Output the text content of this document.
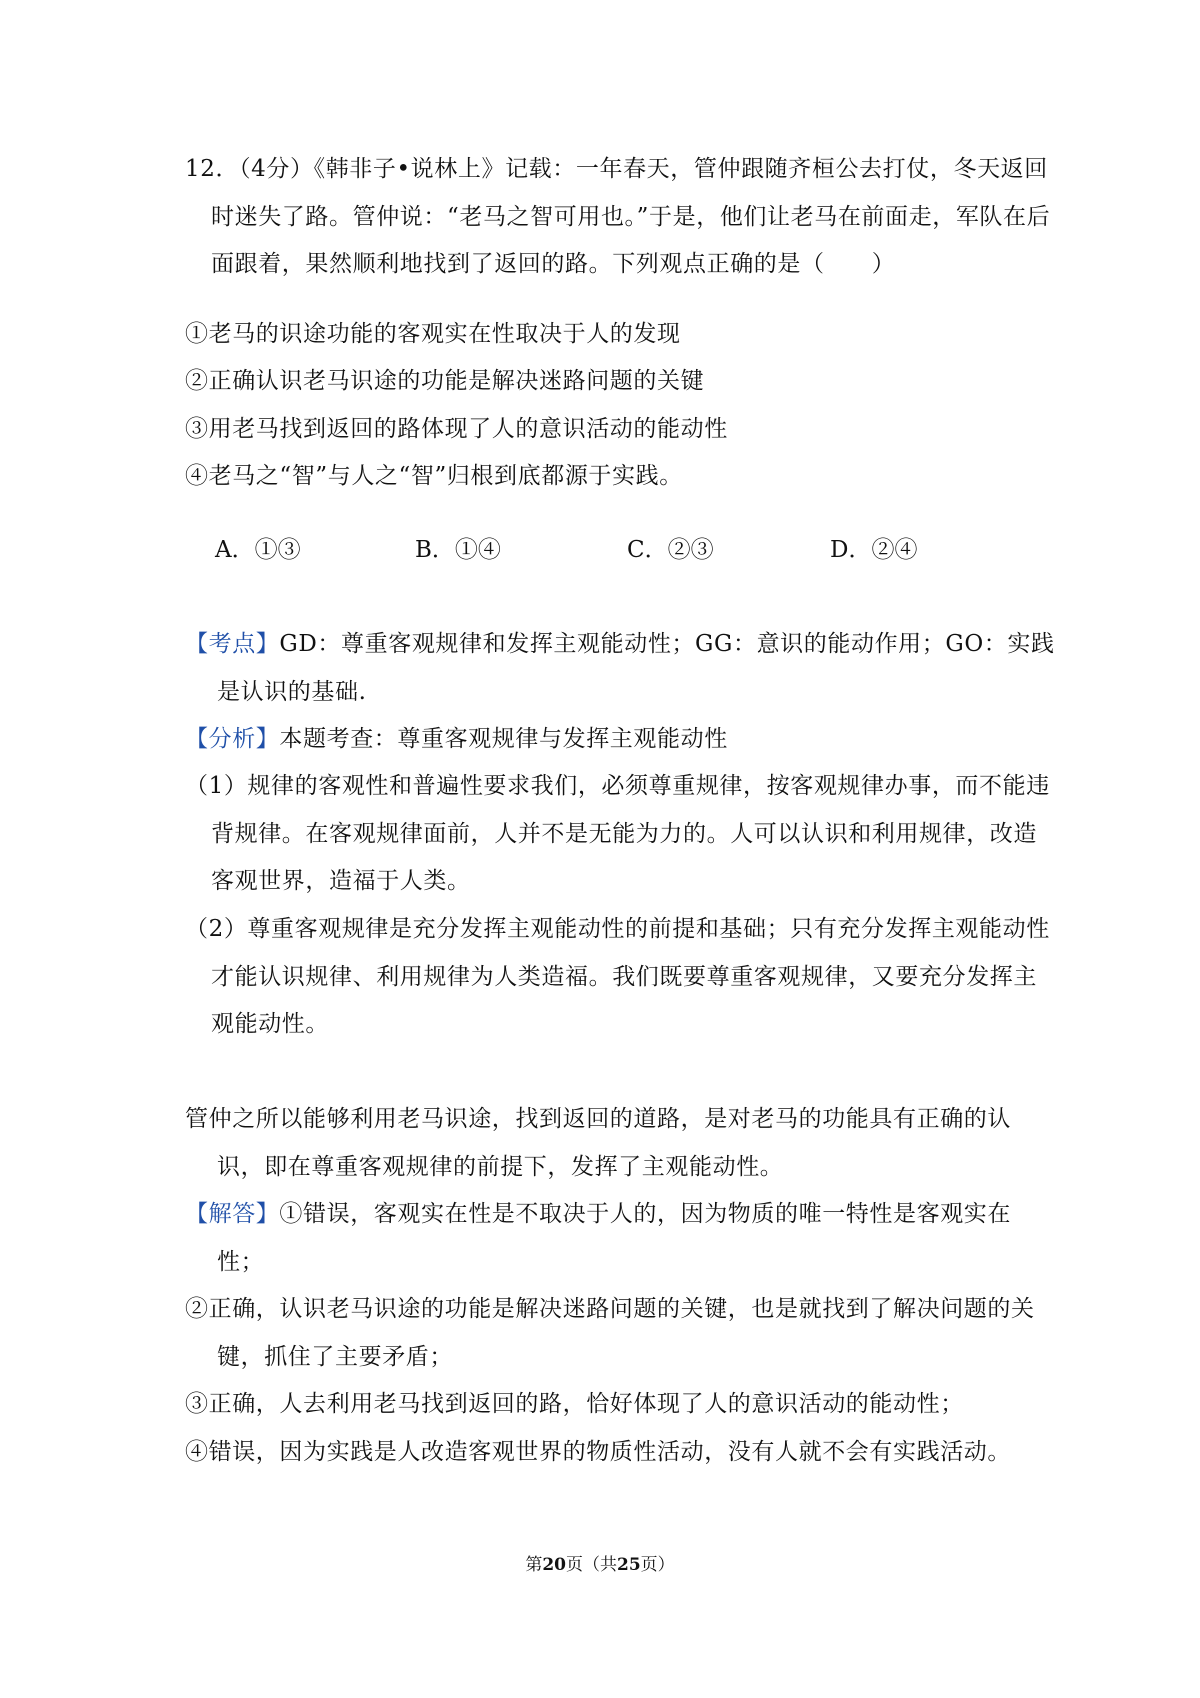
12．（4分）《韩非子•说林上》记载：一年春天，管仲跟随齐桓公去打仗，冬天返回时迷失了路。管仲说：“老马之智可用也。”于是，他们让老马在前面走，军队在后面跟着，果然顺利地找到了返回的路。下列观点正确的是（　　）
①老马的识途功能的客观实在性取决于人的发现
②正确认识老马识途的功能是解决迷路问题的关键
③用老马找到返回的路体现了人的意识活动的能动性
④老马之“智”与人之“智”归根到底都源于实践。
A．①③	B．①④	C．②③	D．②④
【考点】GD：尊重客观规律和发挥主观能动性；GG：意识的能动作用；GO：实践是认识的基础.
【分析】本题考查：尊重客观规律与发挥主观能动性
（1）规律的客观性和普遍性要求我们，必须尊重规律，按客观规律办事，而不能违背规律。在客观规律面前，人并不是无能为力的。人可以认识和利用规律，改造客观世界，造福于人类。
（2）尊重客观规律是充分发挥主观能动性的前提和基础；只有充分发挥主观能动性才能认识规律、利用规律为人类造福。我们既要尊重客观规律，又要充分发挥主观能动性。
管仲之所以能够利用老马识途，找到返回的道路，是对老马的功能具有正确的认识，即在尊重客观规律的前提下，发挥了主观能动性。
【解答】①错误，客观实在性是不取决于人的，因为物质的唯一特性是客观实在性；
②正确，认识老马识途的功能是解决迷路问题的关键，也是就找到了解决问题的关键，抓住了主要矛盾；
③正确，人去利用老马找到返回的路，恰好体现了人的意识活动的能动性；
④错误，因为实践是人改造客观世界的物质性活动，没有人就不会有实践活动。
第20页（共25页）
